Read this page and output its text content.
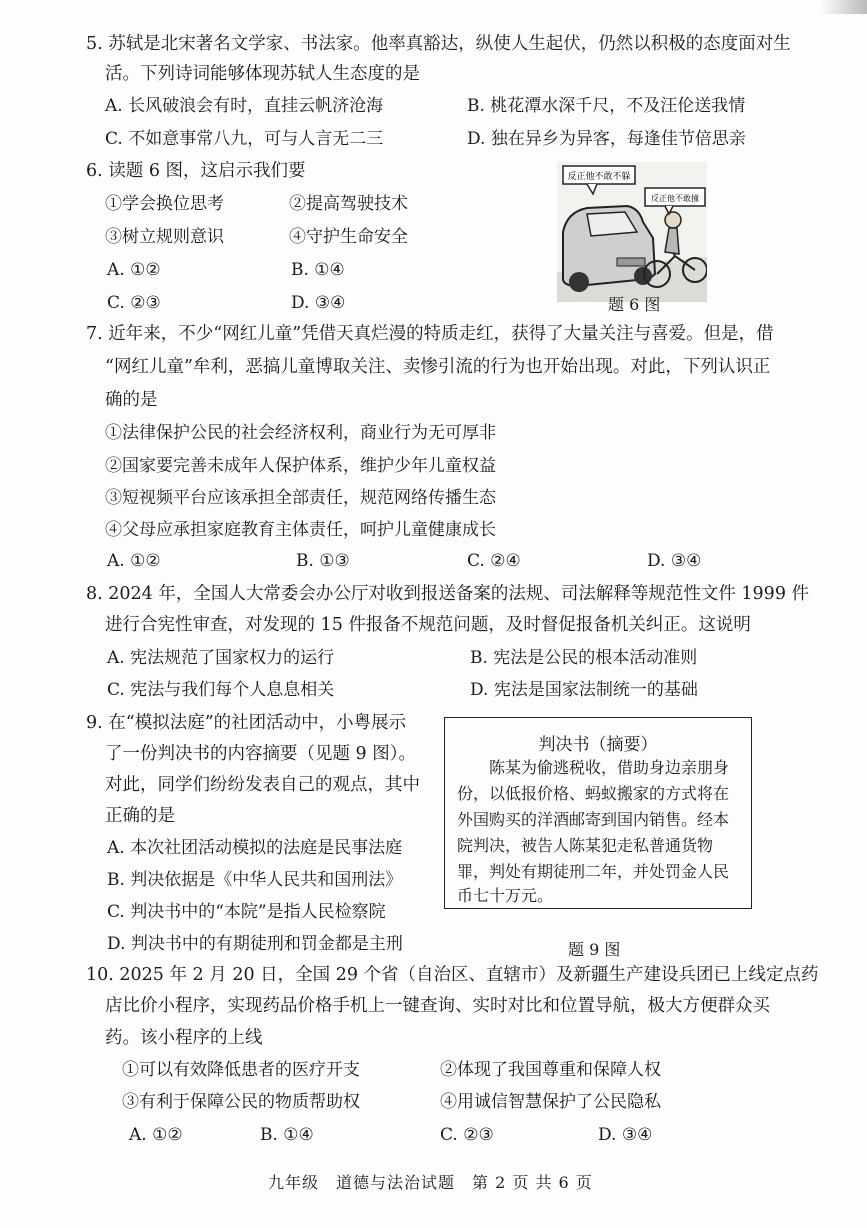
5. 苏轼是北宋著名文学家、书法家。他率真豁达，纵使人生起伏，仍然以积极的态度面对生
活。下列诗词能够体现苏轼人生态度的是
A. 长风破浪会有时，直挂云帆济沧海	B. 桃花潭水深千尺，不及汪伦送我情
C. 不如意事常八九，可与人言无二三	D. 独在异乡为异客，每逢佳节倍思亲
6. 读题 6 图，这启示我们要
①学会换位思考	②提高驾驶技术
③树立规则意识	④守护生命安全
A. ①②	B. ①④
C. ②③	D. ③④
反正他不敢不躲
反正他不敢撞
题 6 图
7. 近年来，不少“网红儿童”凭借天真烂漫的特质走红，获得了大量关注与喜爱。但是，借
“网红儿童”牟利，恶搞儿童博取关注、卖惨引流的行为也开始出现。对此，下列认识正
确的是
①法律保护公民的社会经济权利，商业行为无可厚非
②国家要完善未成年人保护体系，维护少年儿童权益
③短视频平台应该承担全部责任，规范网络传播生态
④父母应承担家庭教育主体责任，呵护儿童健康成长
A. ①②	B. ①③	C. ②④	D. ③④
8. 2024 年，全国人大常委会办公厅对收到报送备案的法规、司法解释等规范性文件 1999 件
进行合宪性审查，对发现的 15 件报备不规范问题，及时督促报备机关纠正。这说明
A. 宪法规范了国家权力的运行	B. 宪法是公民的根本活动准则
C. 宪法与我们每个人息息相关	D. 宪法是国家法制统一的基础
9. 在“模拟法庭”的社团活动中，小粤展示
了一份判决书的内容摘要（见题 9 图）。
对此，同学们纷纷发表自己的观点，其中
正确的是
A. 本次社团活动模拟的法庭是民事法庭
B. 判决依据是《中华人民共和国刑法》
C. 判决书中的“本院”是指人民检察院
D. 判决书中的有期徒刑和罚金都是主刑
判决书（摘要）
陈某为偷逃税收，借助身边亲朋身
份，以低报价格、蚂蚁搬家的方式将在
外国购买的洋酒邮寄到国内销售。经本
院判决，被告人陈某犯走私普通货物
罪，判处有期徒刑二年，并处罚金人民
币七十万元。
题 9 图
10. 2025 年 2 月 20 日，全国 29 个省（自治区、直辖市）及新疆生产建设兵团已上线定点药
店比价小程序，实现药品价格手机上一键查询、实时对比和位置导航，极大方便群众买
药。该小程序的上线
①可以有效降低患者的医疗开支	②体现了我国尊重和保障人权
③有利于保障公民的物质帮助权	④用诚信智慧保护了公民隐私
A. ①②	B. ①④	C. ②③	D. ③④
九年级　道德与法治试题　第 2 页 共 6 页
